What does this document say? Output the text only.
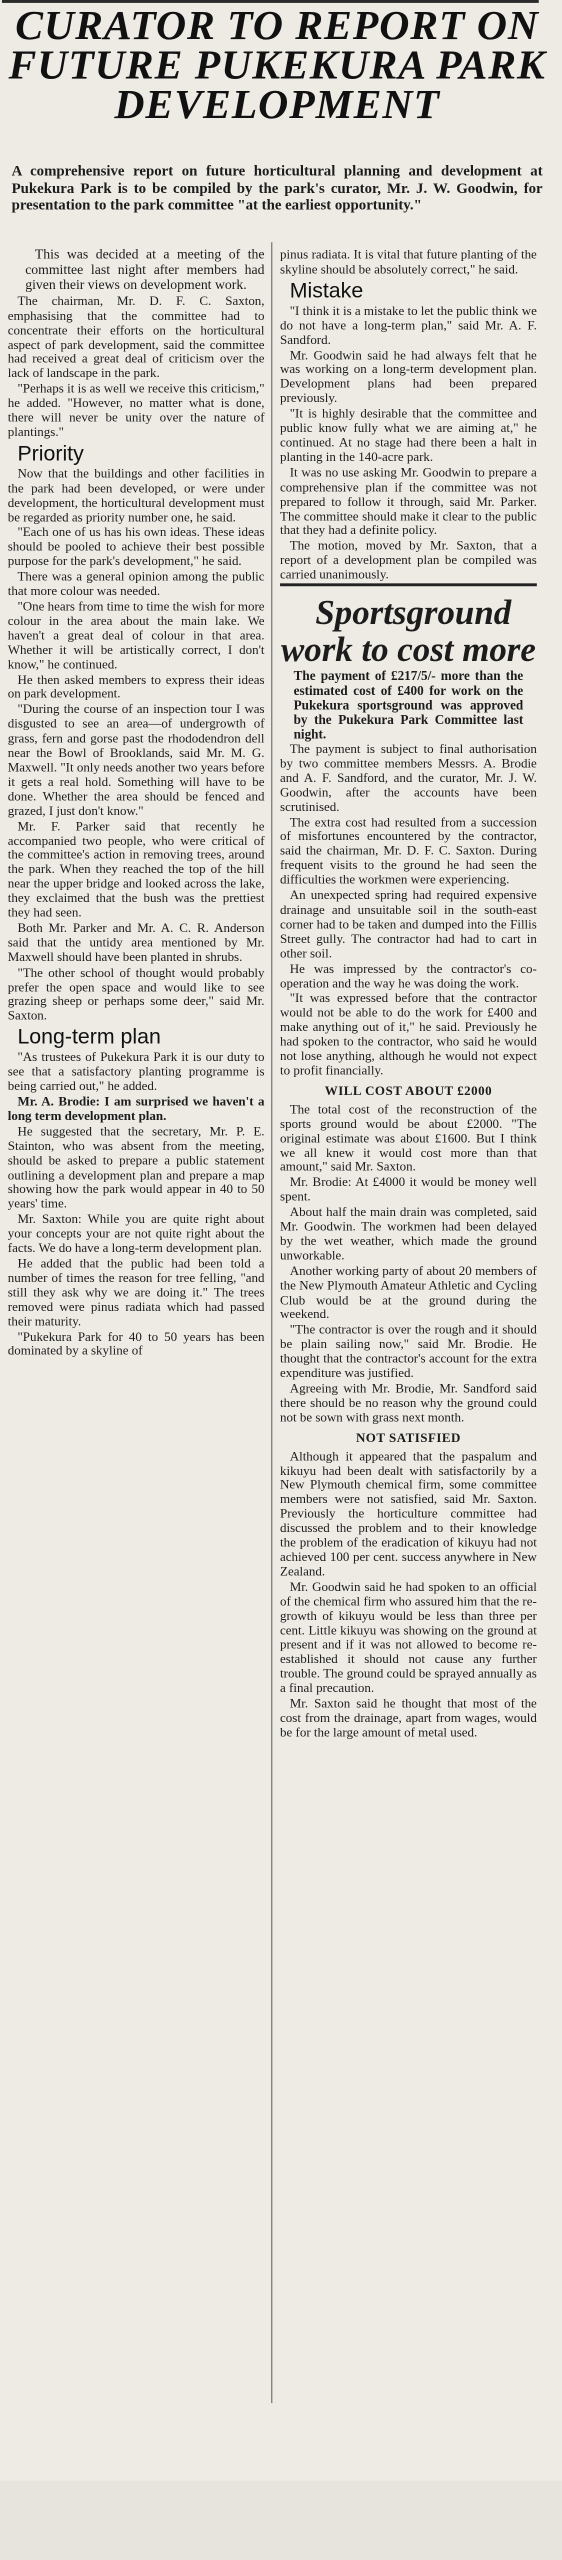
CURATOR TO REPORT ON FUTURE PUKEKURA PARK DEVELOPMENT
A comprehensive report on future horticultural planning and development at Pukekura Park is to be compiled by the park's curator, Mr. J. W. Goodwin, for presentation to the park committee "at the earliest opportunity."

This was decided at a meeting of the committee last night after members had given their views on development work.

The chairman, Mr. D. F. C. Saxton, emphasising that the committee had to concentrate their efforts on the horticultural aspect of park development, said the committee had received a great deal of criticism over the lack of landscape in the park.

"Perhaps it is as well we receive this criticism," he added. "However, no matter what is done, there will never be unity over the nature of plantings."

Priority

Now that the buildings and other facilities in the park had been developed, or were under development, the horticultural development must be regarded as priority number one, he said.

"Each one of us has his own ideas. These ideas should be pooled to achieve their best possible purpose for the park's development," he said.

There was a general opinion among the public that more colour was needed.

"One hears from time to time the wish for more colour in the area about the main lake. We haven't a great deal of colour in that area. Whether it will be artistically correct, I don't know," he continued.

He then asked members to express their ideas on park development.

"During the course of an inspection tour I was disgusted to see an area—of undergrowth of grass, fern and gorse past the rhododendron dell near the Bowl of Brooklands, said Mr. M. G. Maxwell. "It only needs another two years before it gets a real hold. Something will have to be done. Whether the area should be fenced and grazed, I just don't know."

Mr. F. Parker said that recently he accompanied two people, who were critical of the committee's action in removing trees, around the park. When they reached the top of the hill near the upper bridge and looked across the lake, they exclaimed that the bush was the prettiest they had seen.

Both Mr. Parker and Mr. A. C. R. Anderson said that the untidy area mentioned by Mr. Maxwell should have been planted in shrubs.

"The other school of thought would probably prefer the open space and would like to see grazing sheep or perhaps some deer," said Mr. Saxton.

Long-term plan

"As trustees of Pukekura Park it is our duty to see that a satisfactory planting programme is being carried out," he added.

Mr. A. Brodie: I am surprised we haven't a long term development plan.

He suggested that the secretary, Mr. P. E. Stainton, who was absent from the meeting, should be asked to prepare a public statement outlining a development plan and prepare a map showing how the park would appear in 40 to 50 years' time.

Mr. Saxton: While you are quite right about your concepts your are not quite right about the facts. We do have a long-term development plan.

He added that the public had been told a number of times the reason for tree felling, "and still they ask why we are doing it." The trees removed were pinus radiata which had passed their maturity.

"Pukekura Park for 40 to 50 years has been dominated by a skyline of

pinus radiata. It is vital that future planting of the skyline should be absolutely correct," he said.

Mistake

"I think it is a mistake to let the public think we do not have a long-term plan," said Mr. A. F. Sandford.

Mr. Goodwin said he had always felt that he was working on a long-term development plan. Development plans had been prepared previously.

"It is highly desirable that the committee and public know fully what we are aiming at," he continued. At no stage had there been a halt in planting in the 140-acre park.

It was no use asking Mr. Goodwin to prepare a comprehensive plan if the committee was not prepared to follow it through, said Mr. Parker. The committee should make it clear to the public that they had a definite policy.

The motion, moved by Mr. Saxton, that a report of a development plan be compiled was carried unanimously.

Sportsground work to cost more

The payment of £217/5/- more than the estimated cost of £400 for work on the Pukekura sportsground was approved by the Pukekura Park Committee last night.

The payment is subject to final authorisation by two committee members Messrs. A. Brodie and A. F. Sandford, and the curator, Mr. J. W. Goodwin, after the accounts have been scrutinised.

The extra cost had resulted from a succession of misfortunes encountered by the contractor, said the chairman, Mr. D. F. C. Saxton. During frequent visits to the ground he had seen the difficulties the workmen were experiencing.

An unexpected spring had required expensive drainage and unsuitable soil in the south-east corner had to be taken and dumped into the Fillis Street gully. The contractor had had to cart in other soil.

He was impressed by the contractor's co-operation and the way he was doing the work.

"It was expressed before that the contractor would not be able to do the work for £400 and make anything out of it," he said. Previously he had spoken to the contractor, who said he would not lose anything, although he would not expect to profit financially.

WILL COST ABOUT £2000

The total cost of the reconstruction of the sports ground would be about £2000. "The original estimate was about £1600. But I think we all knew it would cost more than that amount," said Mr. Saxton.

Mr. Brodie: At £4000 it would be money well spent.

About half the main drain was completed, said Mr. Goodwin. The workmen had been delayed by the wet weather, which made the ground unworkable.

Another working party of about 20 members of the New Plymouth Amateur Athletic and Cycling Club would be at the ground during the weekend.

"The contractor is over the rough and it should be plain sailing now," said Mr. Brodie. He thought that the contractor's account for the extra expenditure was justified.

Agreeing with Mr. Brodie, Mr. Sandford said there should be no reason why the ground could not be sown with grass next month.

NOT SATISFIED

Although it appeared that the paspalum and kikuyu had been dealt with satisfactorily by a New Plymouth chemical firm, some committee members were not satisfied, said Mr. Saxton. Previously the horticulture committee had discussed the problem and to their knowledge the problem of the eradication of kikuyu had not achieved 100 per cent. success anywhere in New Zealand.

Mr. Goodwin said he had spoken to an official of the chemical firm who assured him that the re-growth of kikuyu would be less than three per cent. Little kikuyu was showing on the ground at present and if it was not allowed to become re-established it should not cause any further trouble. The ground could be sprayed annually as a final precaution.

Mr. Saxton said he thought that most of the cost from the drainage, apart from wages, would be for the large amount of metal used.
